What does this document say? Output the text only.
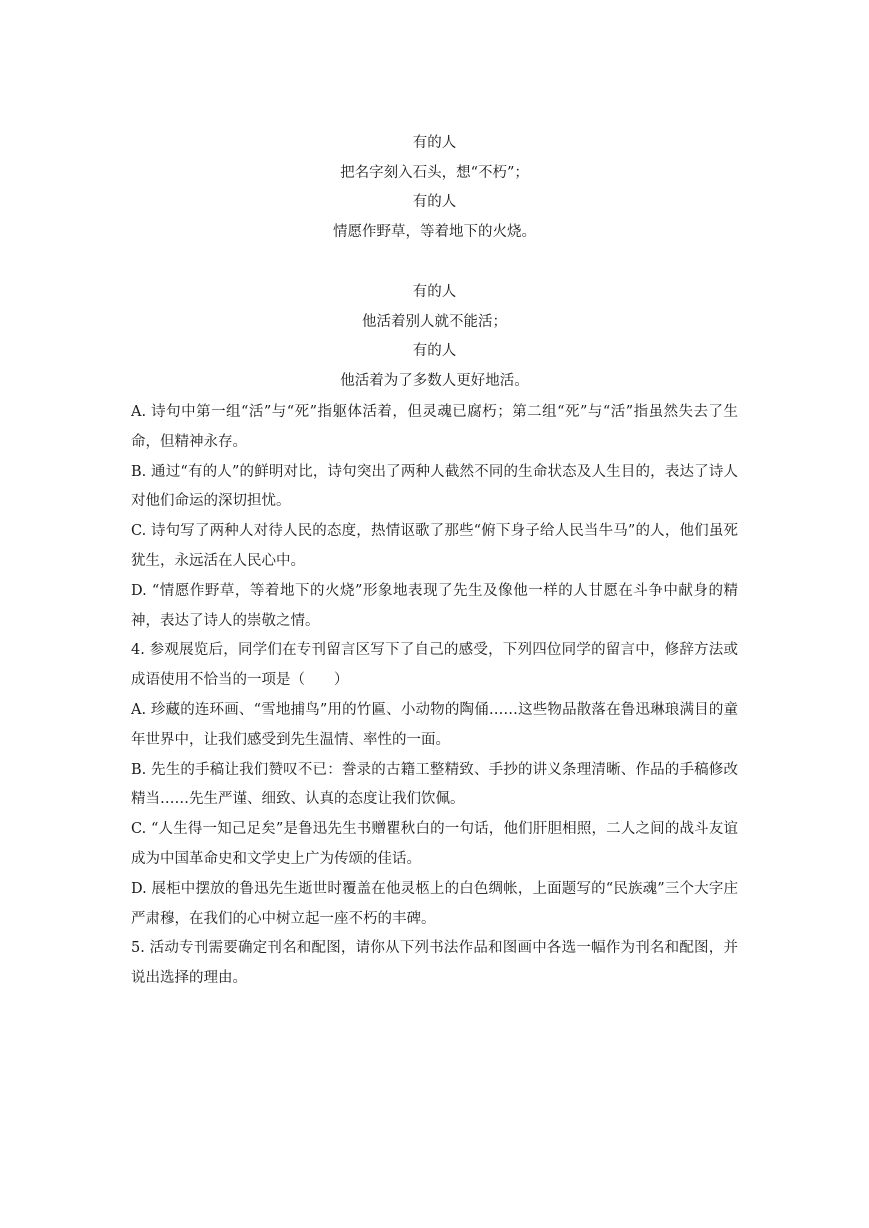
有的人
把名字刻入石头，想“不朽”；
有的人
情愿作野草，等着地下的火烧。
有的人
他活着别人就不能活；
有的人
他活着为了多数人更好地活。

A. 诗句中第一组“活”与“死”指躯体活着，但灵魂已腐朽；第二组“死”与“活”指虽然失去了生命，但精神永存。

B. 通过“有的人”的鲜明对比，诗句突出了两种人截然不同的生命状态及人生目的，表达了诗人对他们命运的深切担忧。

C. 诗句写了两种人对待人民的态度，热情讴歌了那些“俯下身子给人民当牛马”的人，他们虽死犹生，永远活在人民心中。

D. “情愿作野草，等着地下的火烧”形象地表现了先生及像他一样的人甘愿在斗争中献身的精神，表达了诗人的崇敬之情。

4. 参观展览后，同学们在专刊留言区写下了自己的感受，下列四位同学的留言中，修辞方法或成语使用不恰当的一项是（　　）

A. 珍藏的连环画、“雪地捕鸟”用的竹匾、小动物的陶俑……这些物品散落在鲁迅琳琅满目的童年世界中，让我们感受到先生温情、率性的一面。

B. 先生的手稿让我们赞叹不已：誊录的古籍工整精致、手抄的讲义条理清晰、作品的手稿修改精当……先生严谨、细致、认真的态度让我们饮佩。

C. “人生得一知己足矣”是鲁迅先生书赠瞿秋白的一句话，他们肝胆相照，二人之间的战斗友谊成为中国革命史和文学史上广为传颂的佳话。

D. 展柜中摆放的鲁迅先生逝世时覆盖在他灵柩上的白色绸帐，上面题写的“民族魂”三个大字庄严肃穆，在我们的心中树立起一座不朽的丰碑。

5. 活动专刊需要确定刊名和配图，请你从下列书法作品和图画中各选一幅作为刊名和配图，并说出选择的理由。
